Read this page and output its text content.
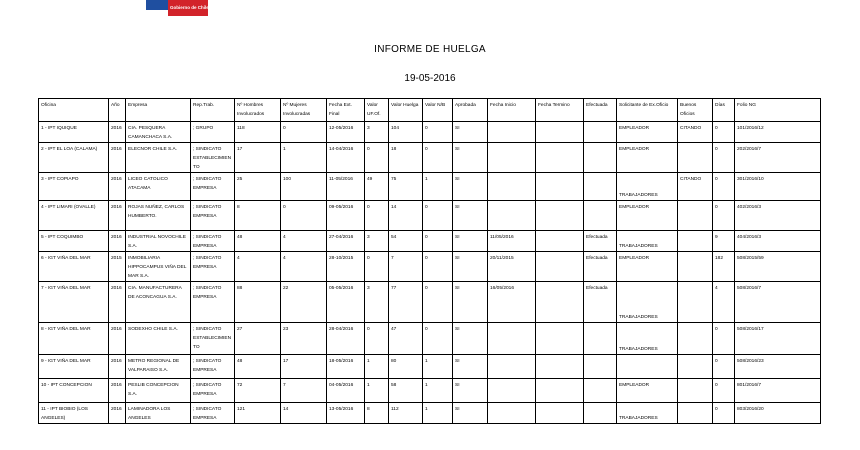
Gobierno de Chile
INFORME DE HUELGA
19-05-2016
Oficina	Año	Empresa	Rep.Trab.	Nº Hombres Involucrados	Nº Mujeres Involucradas	Fecha Ext. Final	Valor UF.Of.	Valor Huelga	Valor N/B	Aprobada	Fecha Inicio	Fecha Termino	Efectuada	Solicitante de Ex.Oficio	Buenos Oficios	Días	Folio NG
1 - IPT IQUIQUE	2016	CIA. PESQUERA CAMANCHACA S.A.	; GRUPO	118	0	12-05/2016	3	104	0	SI				EMPLEADOR	CITANDO	0	101/2016/12
2 - IPT EL LOA (CALAMA)	2016	ELECNOR CHILE S.A.	; SINDICATO ESTABLECIMIENTO	17	1	14-04/2016	0	18	0	SI				EMPLEADOR		0	202/2016/7
3 - IPT COPIAPO	2016	LICEO CATOLICO ATACAMA	; SINDICATO EMPRESA	25	100	11-05/2016	49	75	1	SI				TRABAJADORES	CITANDO	0	301/2016/10
4 - IPT LIMARI (OVALLE)	2016	ROJAS NUÑEZ, CARLOS HUMBERTO.	; SINDICATO EMPRESA	8	0	09-05/2016	0	14	0	SI				EMPLEADOR		0	402/2016/3
5 - IPT COQUIMBO	2016	INDUSTRIAL NOVOCHILE S.A.	; SINDICATO EMPRESA	48	4	27-04/2016	3	54	0	SI	11/05/2016		Efectuada	TRABAJADORES		9	404/2016/3
6 - IGT VIÑA DEL MAR	2015	INMOBILIARIA HIPPOCAMPUS VIÑA DEL MAR S.A.	; SINDICATO EMPRESA	4	4	28-10/2015	0	7	0	SI	20/11/2015		Efectuada	EMPLEADOR		182	508/2015/59
7 - IGT VIÑA DEL MAR	2016	CIA. MANUFACTURERA DE ACONCAGUA S.A.	; SINDICATO EMPRESA	88	22	05-05/2016	3	77	0	SI	16/05/2016		Efectuada	TRABAJADORES		4	508/2016/7
8 - IGT VIÑA DEL MAR	2016	SODEXHO CHILE S.A.	; SINDICATO ESTABLECIMIENTO	27	23	28-04/2016	0	47	0	SI				TRABAJADORES		0	508/2016/17
9 - IGT VIÑA DEL MAR	2016	METRO REGIONAL DE VALPARAISO S.A.	; SINDICATO EMPRESA	48	17	18-05/2016	1	80	1	SI						0	508/2016/23
10 - IPT CONCEPCION	2016	PESLIB CONCEPCION S.A.	; SINDICATO EMPRESA	72	7	04-05/2016	1	58	1	SI				EMPLEADOR		0	801/2016/7
11 - IPT BIOBIO (LOS ANGELES)	2016	LAMINADORA LOS ANGELES	; SINDICATO EMPRESA	121	14	13-05/2016	8	112	1	SI				TRABAJADORES		0	803/2016/20
